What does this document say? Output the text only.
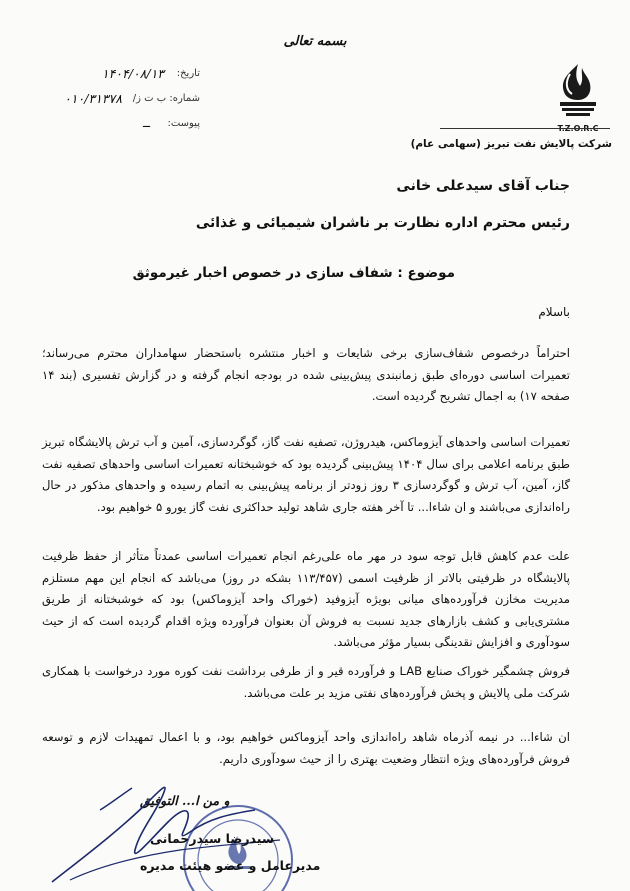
بسمه تعالی
شرکت پالایش نفت تبریز (سهامی عام)
تاریخ:
۱۴۰۴/۰۸/۱۳
شماره: ب ت ز/
۰۱۰/۳۱۳۷۸
پیوست:
ــ
جناب آقای سیدعلی خانی
رئیس محترم اداره نظارت بر ناشران شیمیائی و غذائی
موضوع : شفاف سازی در خصوص اخبار غیرموثق
باسلام

احتراماً درخصوص شفاف‌سازی برخی شایعات و اخبار منتشره باستحضار سهامداران محترم می‌رساند؛ تعمیرات اساسی دوره‌ای طبق زمانبندی پیش‌بینی شده در بودجه انجام گرفته و در گزارش تفسیری (بند ۱۴ صفحه ۱۷) به اجمال تشریح گردیده است.

تعمیرات اساسی واحدهای آیزوماکس، هیدروژن، تصفیه نفت گاز، گوگردسازی، آمین و آب ترش پالایشگاه تبریز طبق برنامه اعلامی برای سال ۱۴۰۴ پیش‌بینی گردیده بود که خوشبختانه تعمیرات اساسی واحدهای تصفیه نفت گاز، آمین، آب ترش و گوگردسازی ۳ روز زودتر از برنامه پیش‌بینی به اتمام رسیده و واحدهای مذکور در حال راه‌اندازی می‌باشند و ان شاءا... تا آخر هفته جاری شاهد تولید حداکثری نفت گاز یورو ۵ خواهیم بود.

علت عدم کاهش قابل توجه سود در مهر ماه علی‌رغم انجام تعمیرات اساسی عمدتاً متأثر از حفظ ظرفیت پالایشگاه در ظرفیتی بالاتر از ظرفیت اسمی (۱۱۳/۴۵۷ بشکه در روز) می‌باشد که انجام این مهم مستلزم مدیریت مخازن فرآورده‌های میانی بویژه آیزوفید (خوراک واحد آیزوماکس) بود که خوشبختانه از طریق مشتری‌یابی و کشف بازارهای جدید نسبت به فروش آن بعنوان فرآورده ویژه اقدام گردیده است که از حیث سودآوری و افزایش نقدینگی بسیار مؤثر می‌باشد.

فروش چشمگیر خوراک صنایع LAB و فرآورده قیر و از طرفی برداشت نفت کوره مورد درخواست با همکاری شرکت ملی پالایش و پخش فرآورده‌های نفتی مزید بر علت می‌باشد.

ان شاءا... در نیمه آذرماه شاهد راه‌اندازی واحد آیزوماکس خواهیم بود، و با اعمال تمهیدات لازم و توسعه فروش فرآورده‌های ویژه انتظار وضعیت بهتری را از حیث سودآوری داریم.

و من ا... التوفیق
سیدرضا سیدرحمانی
مدیرعامل و عضو هیئت مدیره
